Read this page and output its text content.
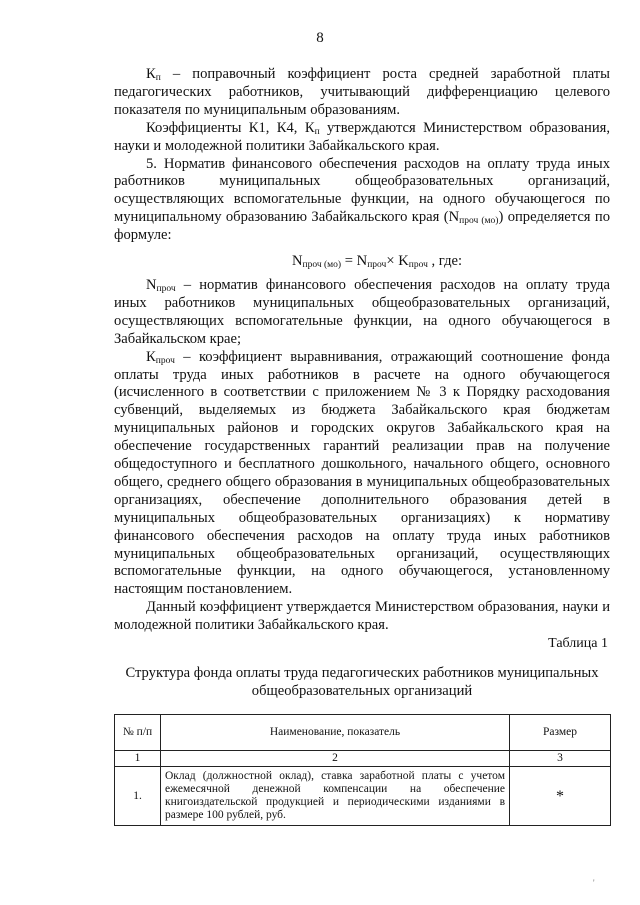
8

$К_п$ – поправочный коэффициент роста средней заработной платы педагогических работников, учитывающий дифференциацию целевого показателя по муниципальным образованиям.

Коэффициенты К1, К4, $К_п$ утверждаются Министерством образования, науки и молодежной политики Забайкальского края.

5. Норматив финансового обеспечения расходов на оплату труда иных работников муниципальных общеобразовательных организаций, осуществляющих вспомогательные функции, на одного обучающегося по муниципальному образованию Забайкальского края $(N_{проч (мо)})$ определяется по формуле:

$N_{проч (мо)} = N_{проч}\times K_{проч}$ , где:

$N_{проч}$ – норматив финансового обеспечения расходов на оплату труда иных работников муниципальных общеобразовательных организаций, осуществляющих вспомогательные функции, на одного обучающегося в Забайкальском крае;

$К_{проч}$ – коэффициент выравнивания, отражающий соотношение фонда оплаты труда иных работников в расчете на одного обучающегося (исчисленного в соответствии с приложением № 3 к Порядку расходования субвенций, выделяемых из бюджета Забайкальского края бюджетам муниципальных районов и городских округов Забайкальского края на обеспечение государственных гарантий реализации прав на получение общедоступного и бесплатного дошкольного, начального общего, основного общего, среднего общего образования в муниципальных общеобразовательных организациях, обеспечение дополнительного образования детей в муниципальных общеобразовательных организациях) к нормативу финансового обеспечения расходов на оплату труда иных работников муниципальных общеобразовательных организаций, осуществляющих вспомогательные функции, на одного обучающегося, установленному настоящим постановлением.

Данный коэффициент утверждается Министерством образования, науки и молодежной политики Забайкальского края.

Таблица 1
Структура фонда оплаты труда педагогических работников муниципальных общеобразовательных организаций
№ п/п	Наименование, показатель	Размер
1	2	3
1.	Оклад (должностной оклад), ставка заработной платы с учетом ежемесячной денежной компенсации на обеспечение книгоиздательской продукцией и периодическими изданиями в размере 100 рублей, руб.	*
'
